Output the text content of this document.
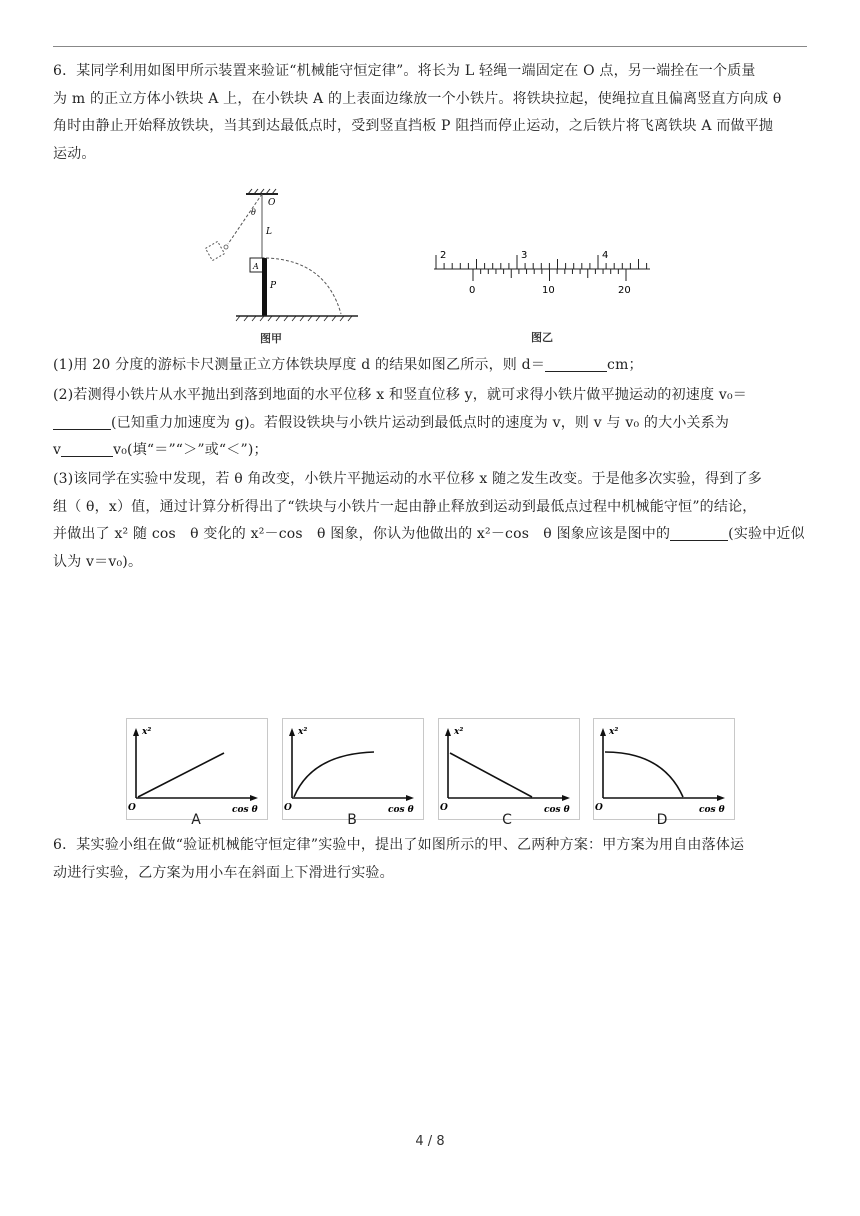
6．某同学利用如图甲所示装置来验证“机械能守恒定律”。将长为 L 轻绳一端固定在 O 点，另一端拴在一个质量
为 m 的正立方体小铁块 A 上，在小铁块 A 的上表面边缘放一个小铁片。将铁块拉起，使绳拉直且偏离竖直方向成 θ
角时由静止开始释放铁块，当其到达最低点时，受到竖直挡板 P 阻挡而停止运动，之后铁片将飞离铁块 A 而做平抛
运动。
O
θ
L
A
P
图甲
2	3	4
0	10	20
图乙
(1)用 20 分度的游标卡尺测量正立方体铁块厚度 d 的结果如图乙所示，则 d＝	cm；
(2)若测得小铁片从水平抛出到落到地面的水平位移 x 和竖直位移 y，就可求得小铁片做平抛运动的初速度 v₀＝
(已知重力加速度为 g)。若假设铁块与小铁片运动到最低点时的速度为 v，则 v 与 v₀ 的大小关系为
v	v₀(填“＝”“＞”或“＜”)；
(3)该同学在实验中发现，若 θ 角改变，小铁片平抛运动的水平位移 x 随之发生改变。于是他多次实验，得到了多
组（ θ，x）值，通过计算分析得出了“铁块与小铁片一起由静止释放到运动到最低点过程中机械能守恒”的结论，
并做出了 x² 随 cos　θ 变化的 x²－cos　θ 图象，你认为他做出的 x²－cos　θ 图象应该是图中的	(实验中近似
认为 v＝v₀)。
x²
O	cos θ
x²
O	cos θ
x²
O	cos θ
x²
O	cos θ
A	B	C	D
6．某实验小组在做“验证机械能守恒定律”实验中，提出了如图所示的甲、乙两种方案：甲方案为用自由落体运
动进行实验，乙方案为用小车在斜面上下滑进行实验。
4 / 8
